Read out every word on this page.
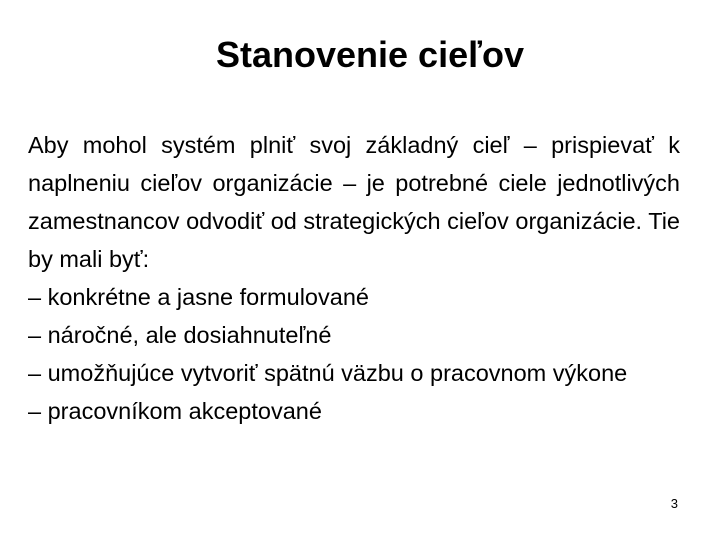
Stanovenie cieľov

Aby mohol systém plniť svoj základný cieľ – prispievať k naplneniu cieľov organizácie – je potrebné ciele jednotlivých zamestnancov odvodiť od strategických cieľov organizácie. Tie by mali byť:

– konkrétne a jasne formulované

– náročné, ale dosiahnuteľné

– umožňujúce vytvoriť spätnú väzbu o pracovnom výkone

– pracovníkom akceptované

3
